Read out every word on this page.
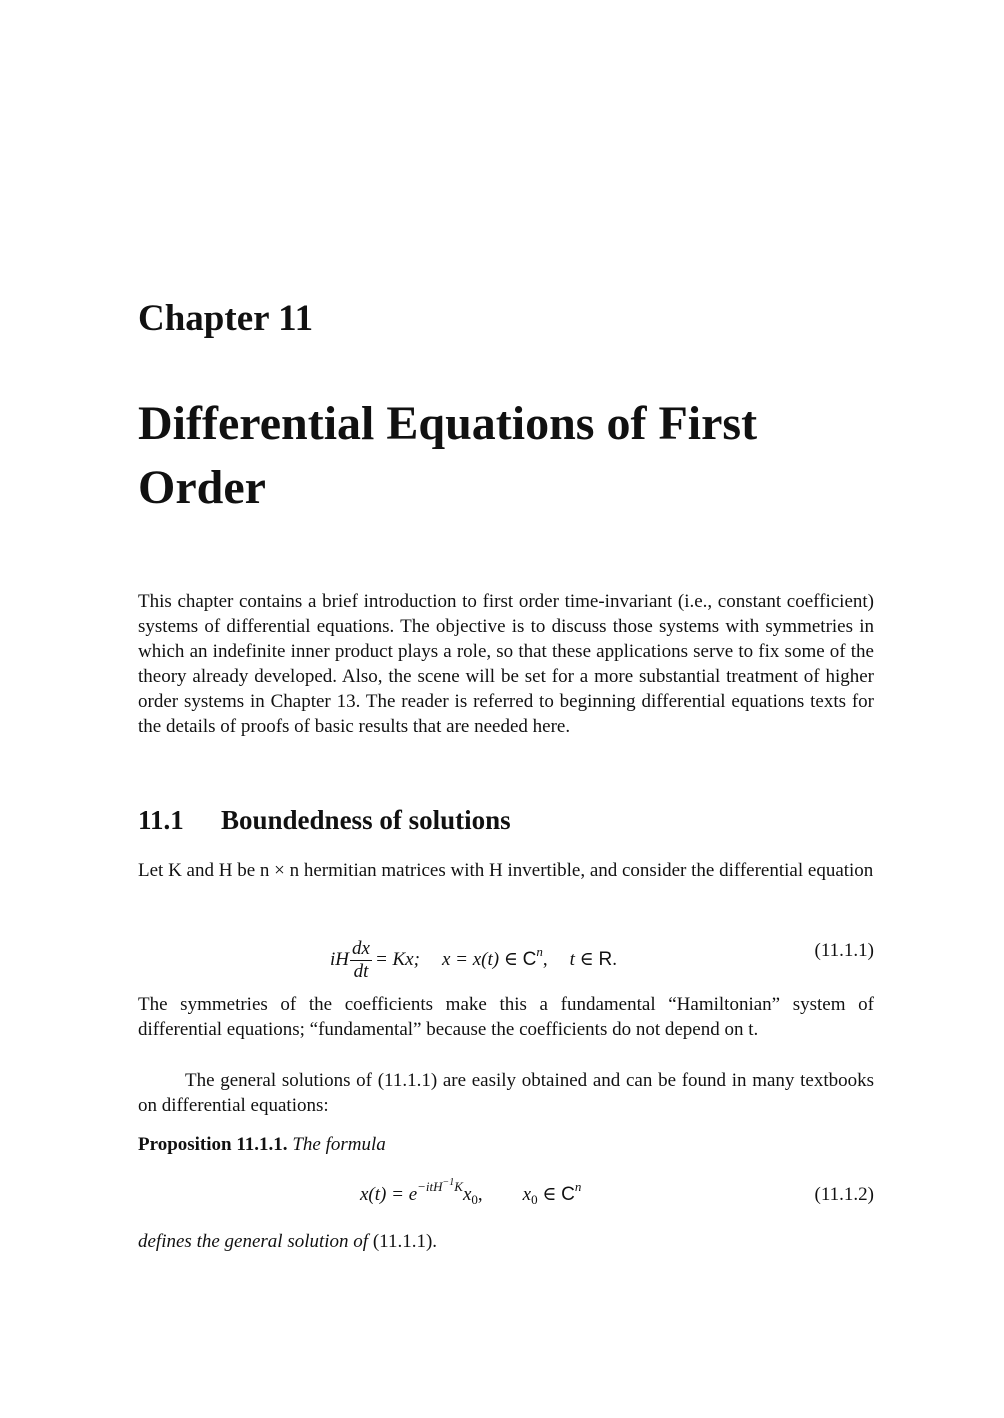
Chapter 11
Differential Equations of First Order

This chapter contains a brief introduction to first order time-invariant (i.e., constant coefficient) systems of differential equations. The objective is to discuss those systems with symmetries in which an indefinite inner product plays a role, so that these applications serve to fix some of the theory already developed. Also, the scene will be set for a more substantial treatment of higher order systems in Chapter 13. The reader is referred to beginning differential equations texts for the details of proofs of basic results that are needed here.

11.1 Boundedness of solutions

Let K and H be n × n hermitian matrices with H invertible, and consider the differential equation

iH $\frac{dx}{dt} = Kx$; x = x(t) ∈ $C^n$, t ∈ R.	(11.1.1)

The symmetries of the coefficients make this a fundamental “Hamiltonian” system of differential equations; “fundamental” because the coefficients do not depend on t.

The general solutions of (11.1.1) are easily obtained and can be found in many textbooks on differential equations:

Proposition 11.1.1. The formula
$x(t) = e^{-itH^{-1}K}x_0$, $x_0$ ∈ $C^n$	(11.1.2)
defines the general solution of (11.1.1).
